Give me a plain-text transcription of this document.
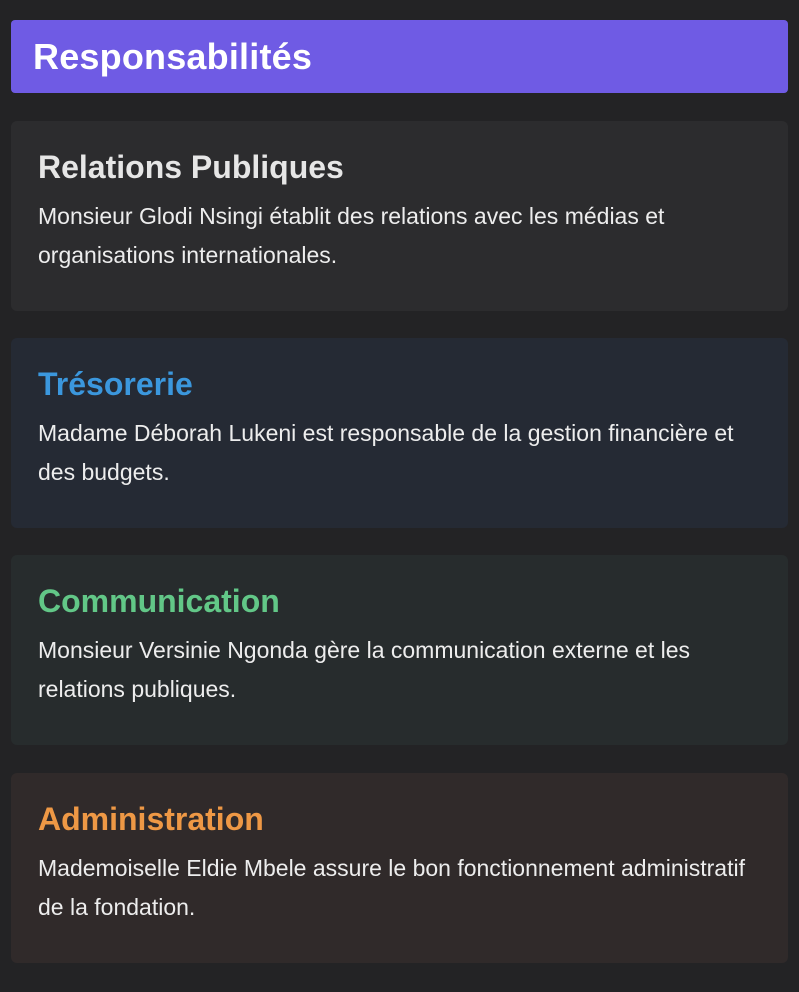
Responsabilités
Relations Publiques

Monsieur Glodi Nsingi établit des relations avec les médias et organisations internationales.

Trésorerie

Madame Déborah Lukeni est responsable de la gestion financière et des budgets.

Communication

Monsieur Versinie Ngonda gère la communication externe et les relations publiques.

Administration

Mademoiselle Eldie Mbele assure le bon fonctionnement administratif de la fondation.
